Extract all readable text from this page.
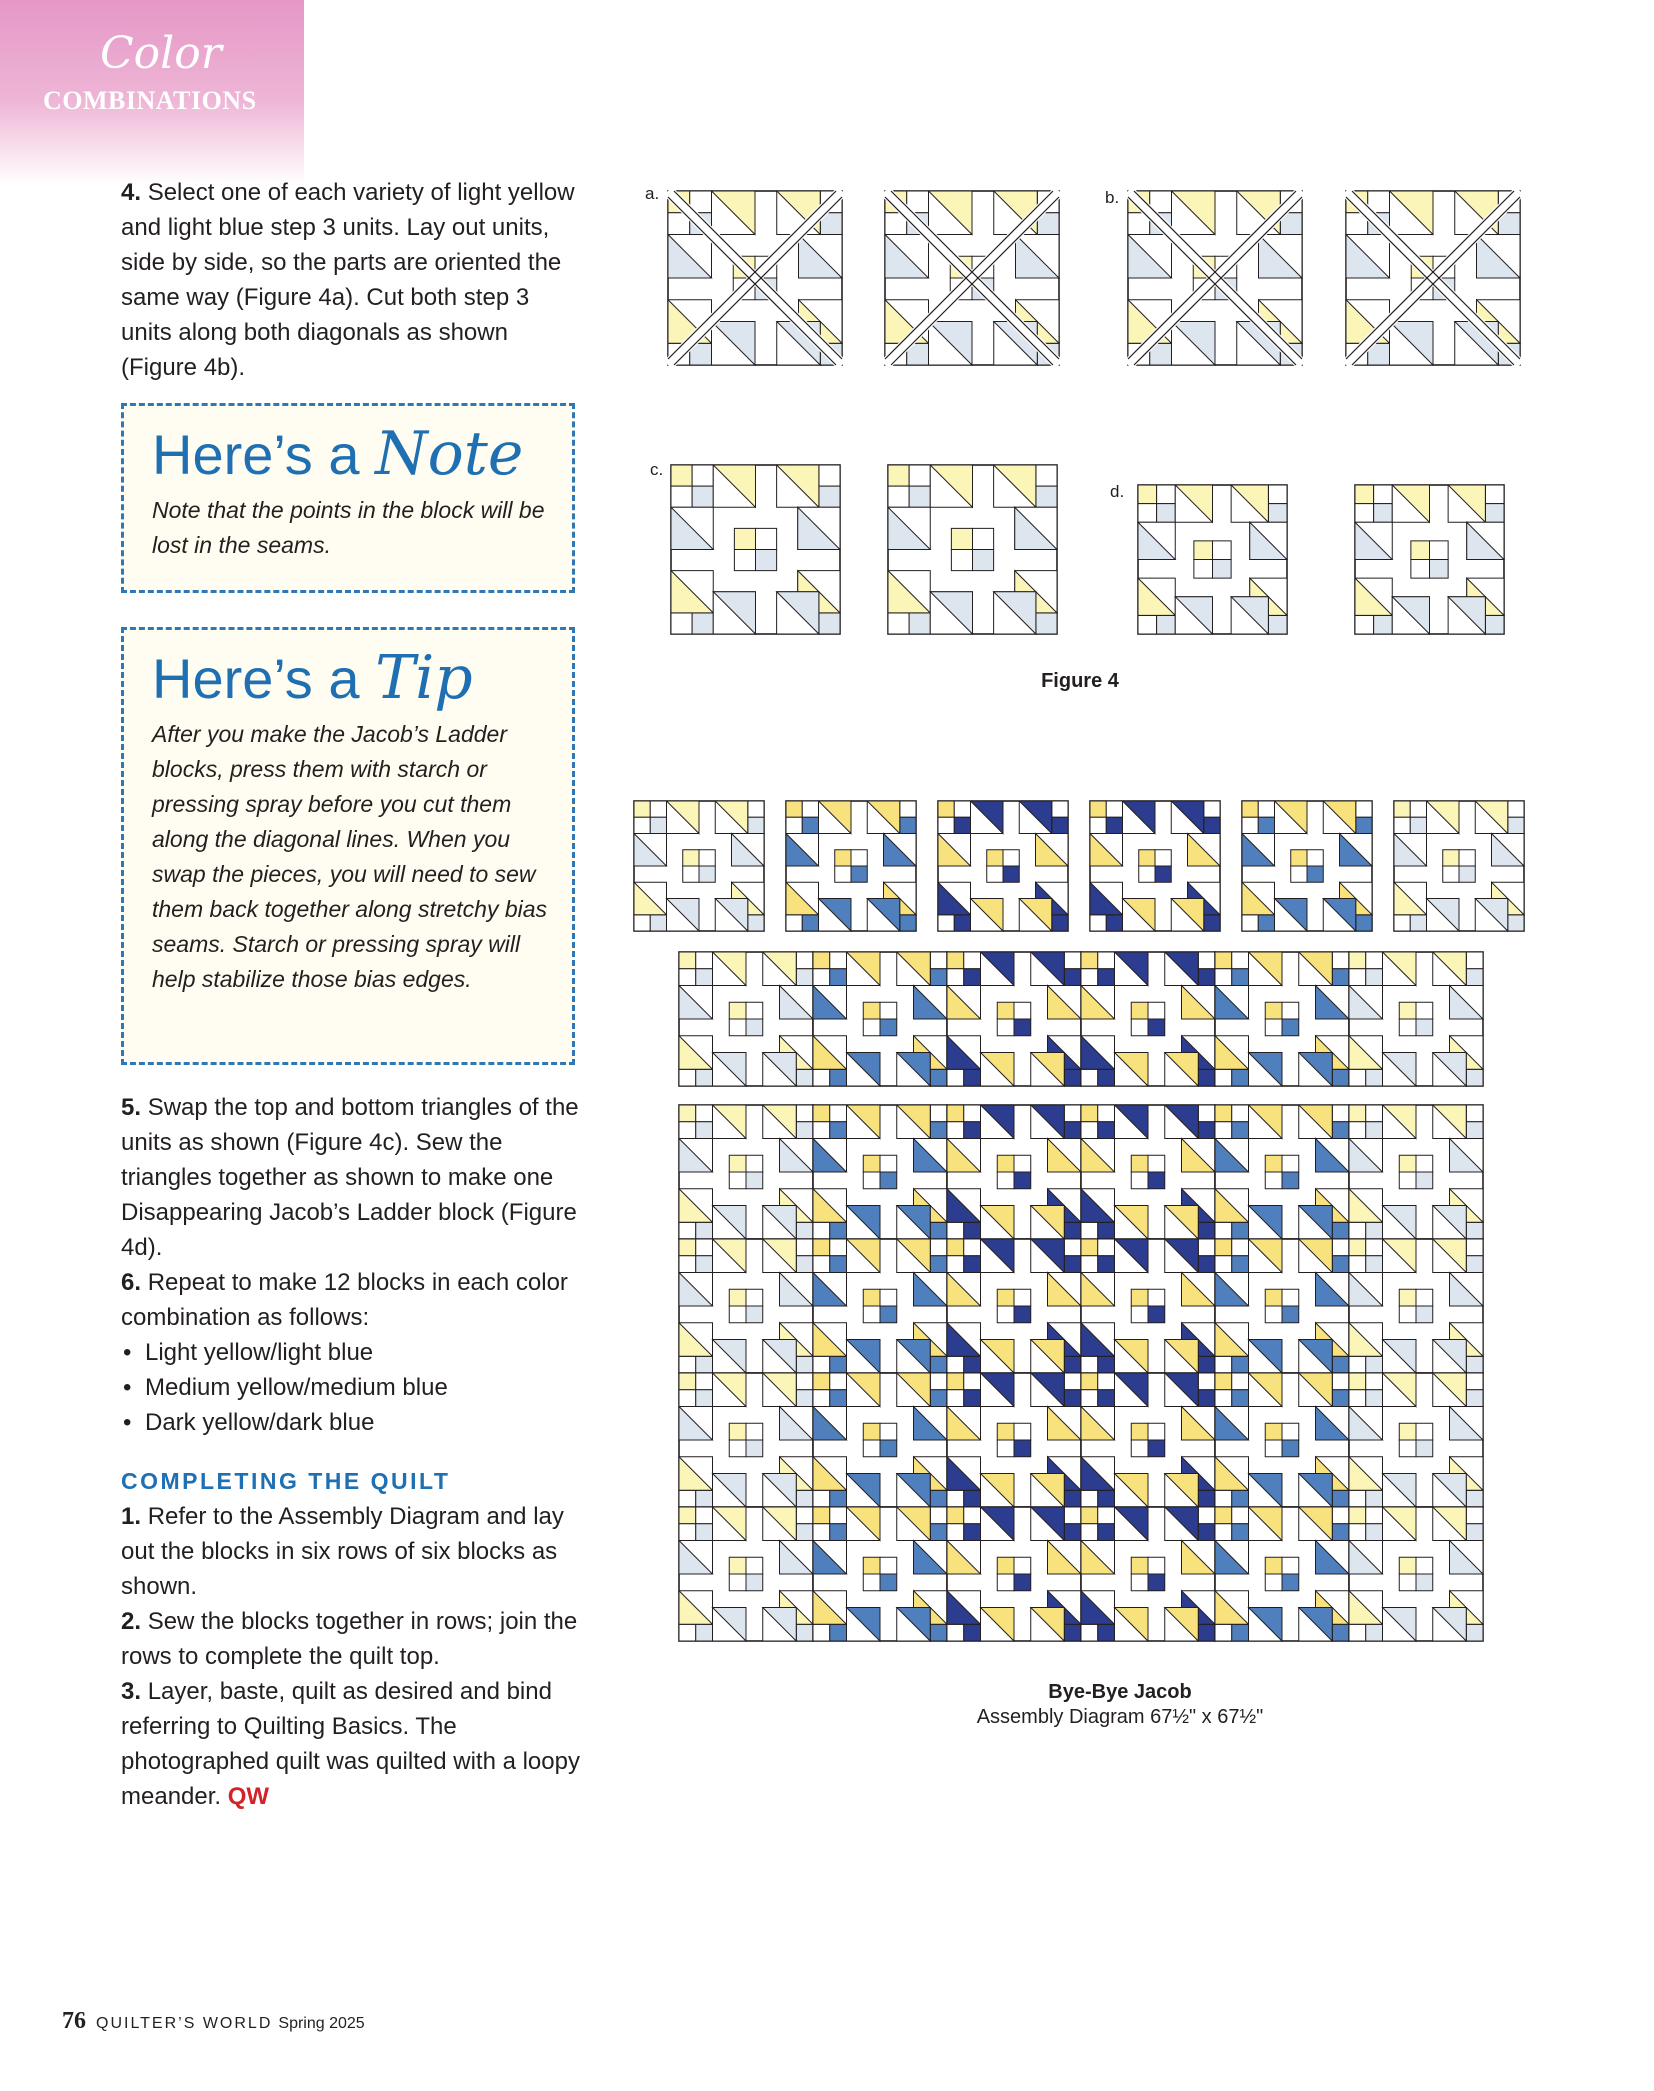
Color
COMBINATIONS

4. Select one of each variety of light yellow and light blue step 3 units. Lay out units, side by side, so the parts are oriented the same way (Figure 4a). Cut both step 3 units along both diagonals as shown (Figure 4b).

Here’s a Note
Note that the points in the block will be lost in the seams.
Here’s a Tip
After you make the Jacob’s Ladder blocks, press them with starch or pressing spray before you cut them along the diagonal lines. When you swap the pieces, you will need to sew them back together along stretchy bias seams. Starch or pressing spray will help stabilize those bias edges.

5. Swap the top and bottom triangles of the units as shown (Figure 4c). Sew the triangles together as shown to make one Disappearing Jacob’s Ladder block (Figure 4d).

6. Repeat to make 12 blocks in each color combination as follows:

• Light yellow/light blue
• Medium yellow/medium blue
• Dark yellow/dark blue
COMPLETING THE QUILT

1. Refer to the Assembly Diagram and lay out the blocks in six rows of six blocks as shown.

2. Sew the blocks together in rows; join the rows to complete the quilt top.

3. Layer, baste, quilt as desired and bind referring to Quilting Basics. The photographed quilt was quilted with a loopy meander. QW

a.	b.
c.
d.
Figure 4
Bye-Bye Jacob
Assembly Diagram 67½" x 67½"
76 QUILTER’S WORLD Spring 2025
